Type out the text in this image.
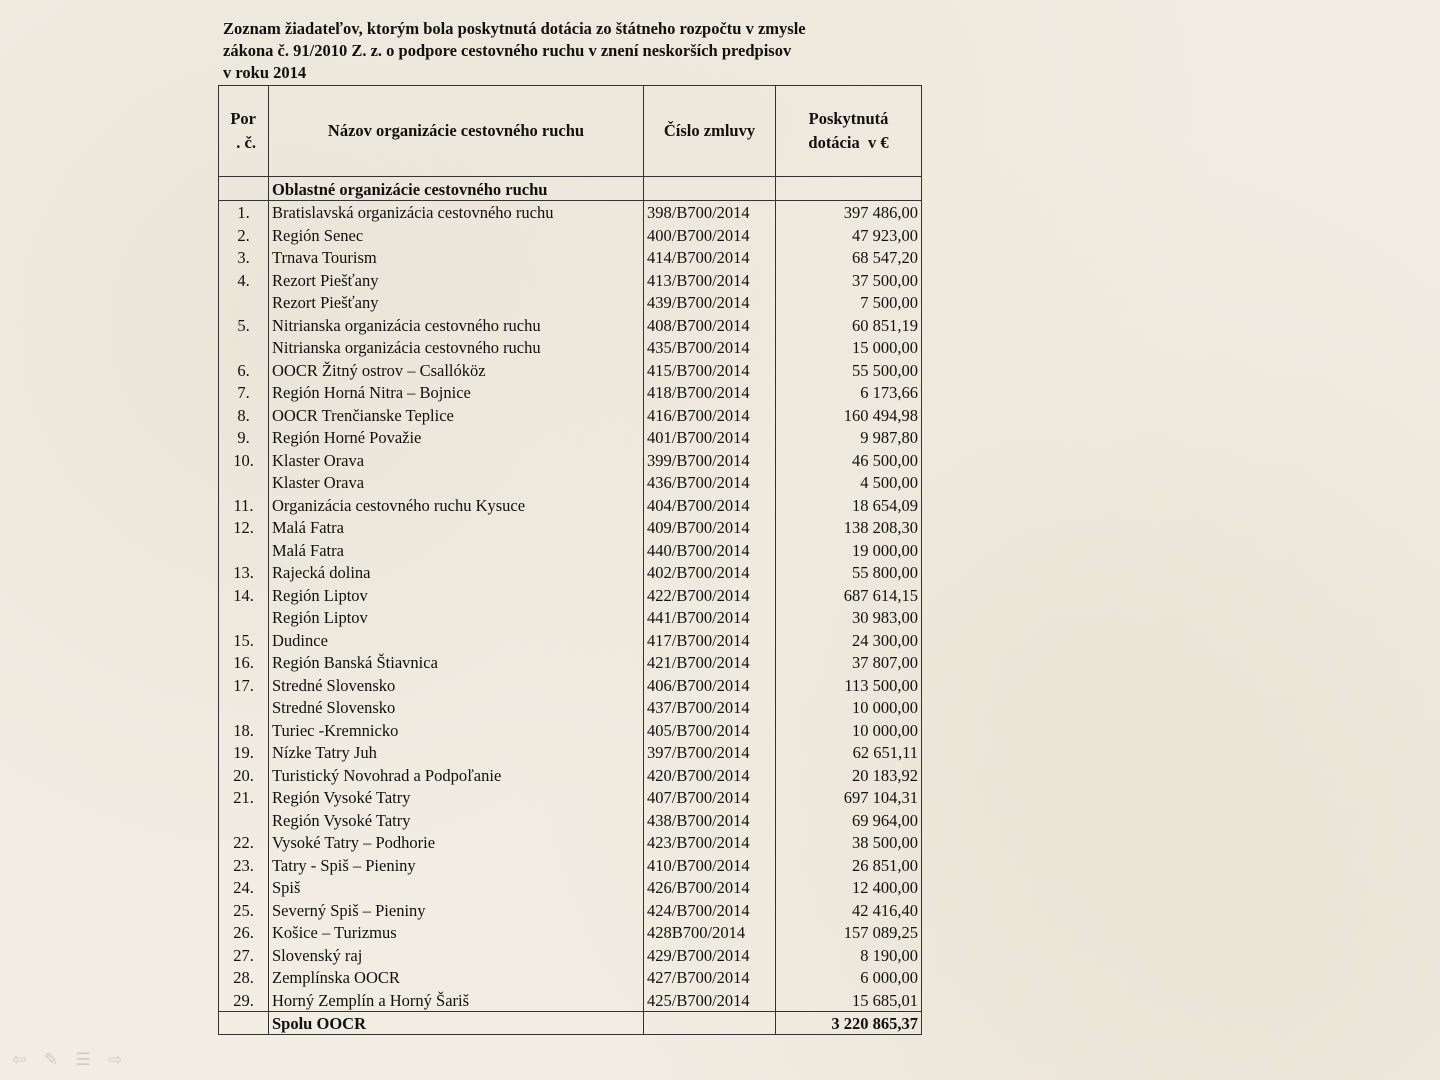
Zoznam žiadateľov, ktorým bola poskytnutá dotácia zo štátneho rozpočtu v zmysle
zákona č. 91/2010 Z. z. o podpore cestovného ruchu v znení neskorších predpisov
v roku 2014
Por
. č.	Názov organizácie cestovného ruchu	Číslo zmluvy	Poskytnutá
dotácia  v €
	Oblastné organizácie cestovného ruchu		
1.	Bratislavská organizácia cestovného ruchu	398/B700/2014	397 486,00
2.	Región Senec	400/B700/2014	47 923,00
3.	Trnava Tourism	414/B700/2014	68 547,20
4.	Rezort Piešťany	413/B700/2014	37 500,00
	Rezort Piešťany	439/B700/2014	7 500,00
5.	Nitrianska organizácia cestovného ruchu	408/B700/2014	60 851,19
	Nitrianska organizácia cestovného ruchu	435/B700/2014	15 000,00
6.	OOCR Žitný ostrov – Csallóköz	415/B700/2014	55 500,00
7.	Región Horná Nitra – Bojnice	418/B700/2014	6 173,66
8.	OOCR Trenčianske Teplice	416/B700/2014	160 494,98
9.	Región Horné Považie	401/B700/2014	9 987,80
10.	Klaster Orava	399/B700/2014	46 500,00
	Klaster Orava	436/B700/2014	4 500,00
11.	Organizácia cestovného ruchu Kysuce	404/B700/2014	18 654,09
12.	Malá Fatra	409/B700/2014	138 208,30
	Malá Fatra	440/B700/2014	19 000,00
13.	Rajecká dolina	402/B700/2014	55 800,00
14.	Región Liptov	422/B700/2014	687 614,15
	Región Liptov	441/B700/2014	30 983,00
15.	Dudince	417/B700/2014	24 300,00
16.	Región Banská Štiavnica	421/B700/2014	37 807,00
17.	Stredné Slovensko	406/B700/2014	113 500,00
	Stredné Slovensko	437/B700/2014	10 000,00
18.	Turiec -Kremnicko	405/B700/2014	10 000,00
19.	Nízke Tatry Juh	397/B700/2014	62 651,11
20.	Turistický Novohrad a Podpoľanie	420/B700/2014	20 183,92
21.	Región Vysoké Tatry	407/B700/2014	697 104,31
	Región Vysoké Tatry	438/B700/2014	69 964,00
22.	Vysoké Tatry – Podhorie	423/B700/2014	38 500,00
23.	Tatry - Spiš – Pieniny	410/B700/2014	26 851,00
24.	Spiš	426/B700/2014	12 400,00
25.	Severný Spiš – Pieniny	424/B700/2014	42 416,40
26.	Košice – Turizmus	428B700/2014	157 089,25
27.	Slovenský raj	429/B700/2014	8 190,00
28.	Zemplínska OOCR	427/B700/2014	6 000,00
29.	Horný Zemplín a Horný Šariš	425/B700/2014	15 685,01
	Spolu OOCR		3 220 865,37
⇦ ✎ ☰ ⇨
